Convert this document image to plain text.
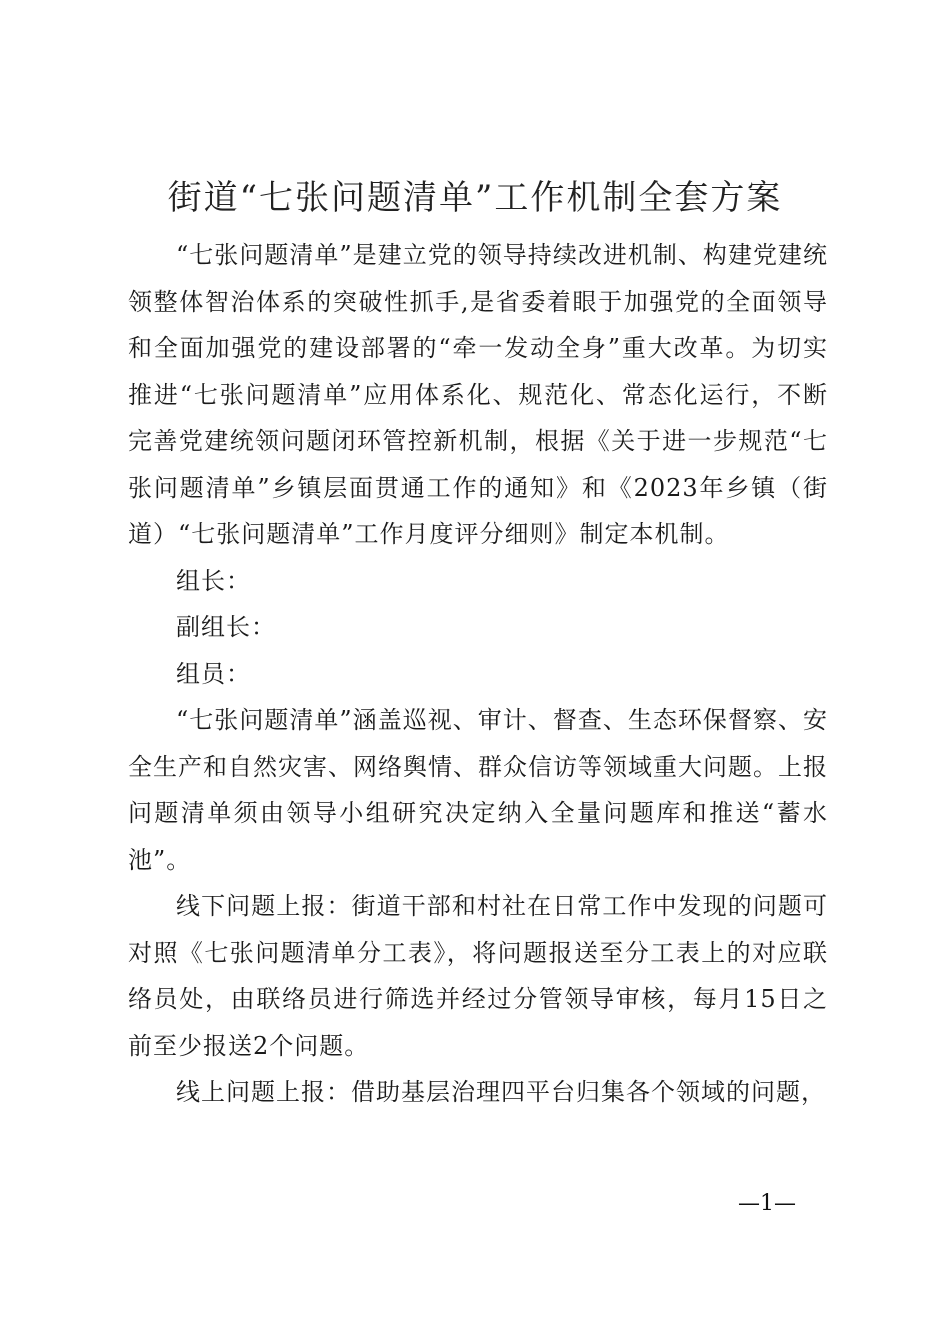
街道“七张问题清单”工作机制全套方案

“七张问题清单”是建立党的领导持续改进机制、构建党建统领整体智治体系的突破性抓手,是省委着眼于加强党的全面领导和全面加强党的建设部署的“牵一发动全身”重大改革。为切实推进“七张问题清单”应用体系化、规范化、常态化运行，不断完善党建统领问题闭环管控新机制，根据《关于进一步规范“七张问题清单”乡镇层面贯通工作的通知》和《2023年乡镇（街道）“七张问题清单”工作月度评分细则》制定本机制。

组长：

副组长：

组员：

“七张问题清单”涵盖巡视、审计、督查、生态环保督察、安全生产和自然灾害、网络舆情、群众信访等领域重大问题。上报问题清单须由领导小组研究决定纳入全量问题库和推送“蓄水池”。

线下问题上报：街道干部和村社在日常工作中发现的问题可对照《七张问题清单分工表》，将问题报送至分工表上的对应联络员处，由联络员进行筛选并经过分管领导审核，每月15日之前至少报送2个问题。

线上问题上报：借助基层治理四平台归集各个领域的问题，

—1—
